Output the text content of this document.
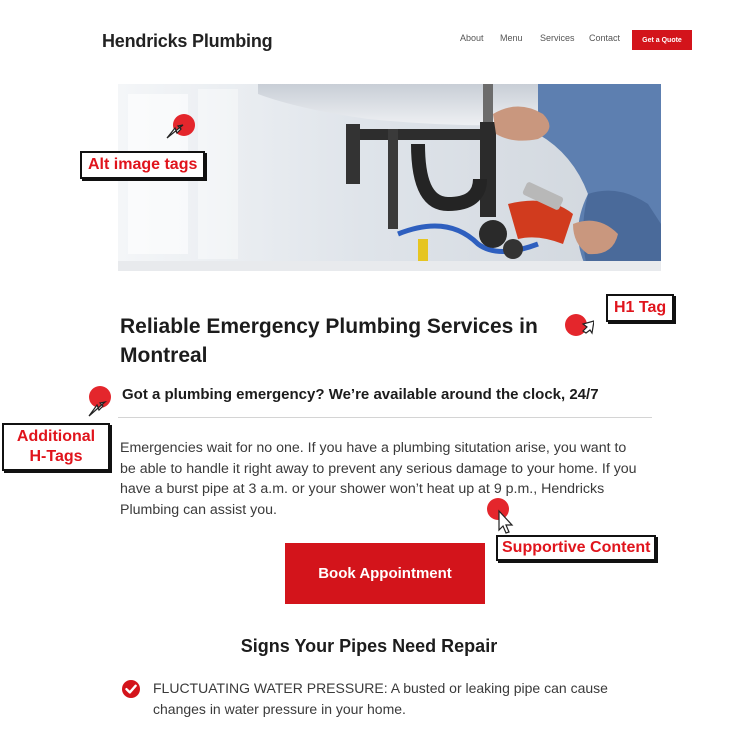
Hendricks Plumbing	About Menu Services Contact	Get a Quote
Reliable Emergency Plumbing Services in Montreal
Got a plumbing emergency? We’re available around the clock, 24/7
Emergencies wait for no one. If you have a plumbing situtation arise, you want to be able to handle it right away to prevent any serious damage to your home. If you have a burst pipe at 3 a.m. or your shower won’t heat up at 9 p.m., Hendricks Plumbing can assist you.
Book Appointment
Signs Your Pipes Need Repair
FLUCTUATING WATER PRESSURE: A busted or leaking pipe can cause changes in water pressure in your home.
Alt image tags
H1 Tag
Additional
H-Tags
Supportive Content
